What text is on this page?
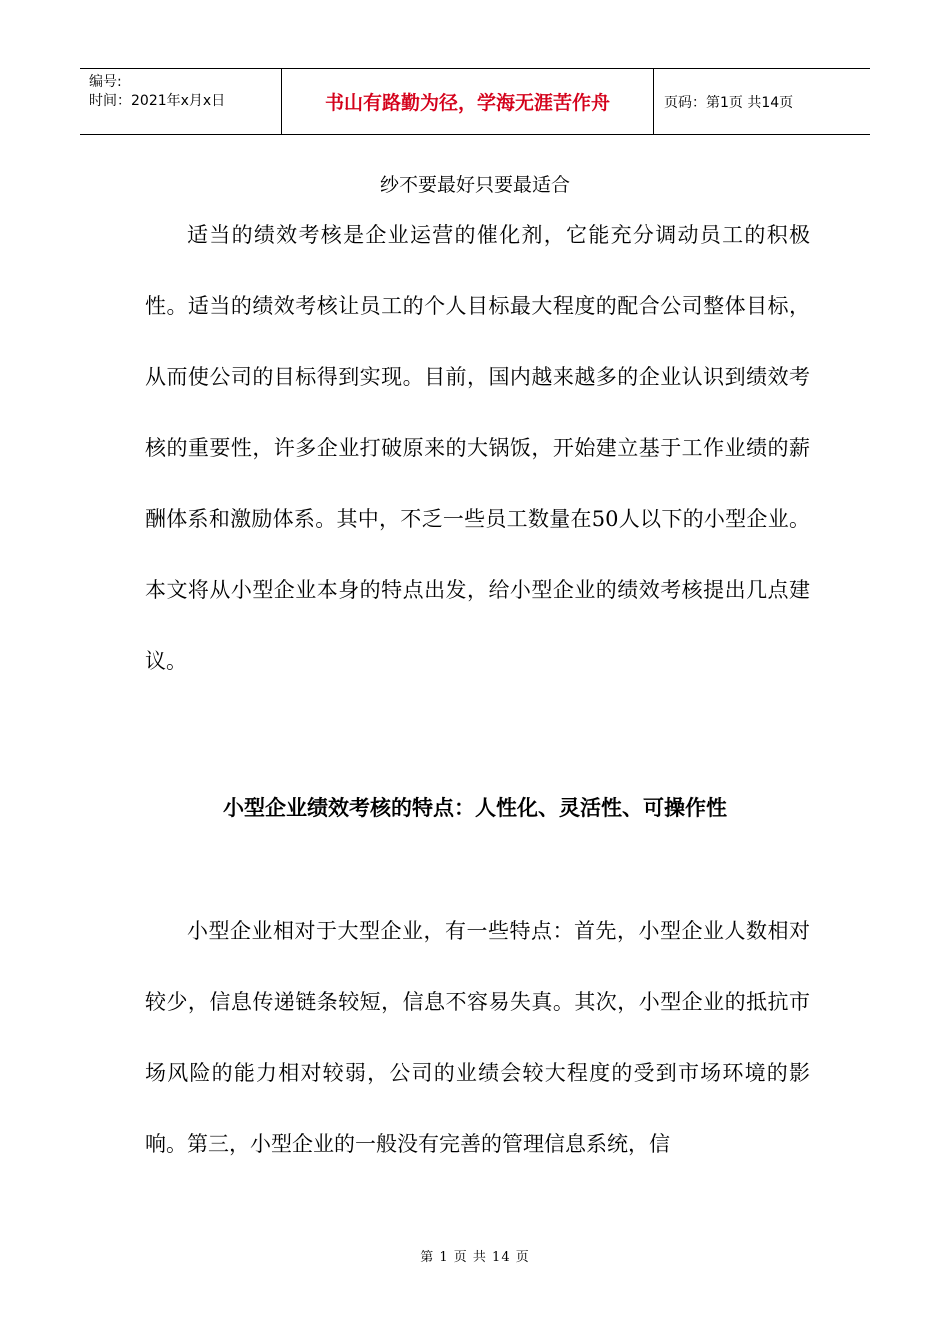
编号:
时间：2021年x月x日	书山有路勤为径，学海无涯苦作舟	页码：第1页 共14页
纱不要最好只要最适合

适当的绩效考核是企业运营的催化剂，它能充分调动员工的积极性。适当的绩效考核让员工的个人目标最大程度的配合公司整体目标，从而使公司的目标得到实现。目前，国内越来越多的企业认识到绩效考核的重要性，许多企业打破原来的大锅饭，开始建立基于工作业绩的薪酬体系和激励体系。其中，不乏一些员工数量在50人以下的小型企业。本文将从小型企业本身的特点出发，给小型企业的绩效考核提出几点建议。

小型企业绩效考核的特点：人性化、灵活性、可操作性

小型企业相对于大型企业，有一些特点：首先，小型企业人数相对较少，信息传递链条较短，信息不容易失真。其次，小型企业的抵抗市场风险的能力相对较弱，公司的业绩会较大程度的受到市场环境的影响。第三，小型企业的一般没有完善的管理信息系统，信

第 1 页 共 14 页
